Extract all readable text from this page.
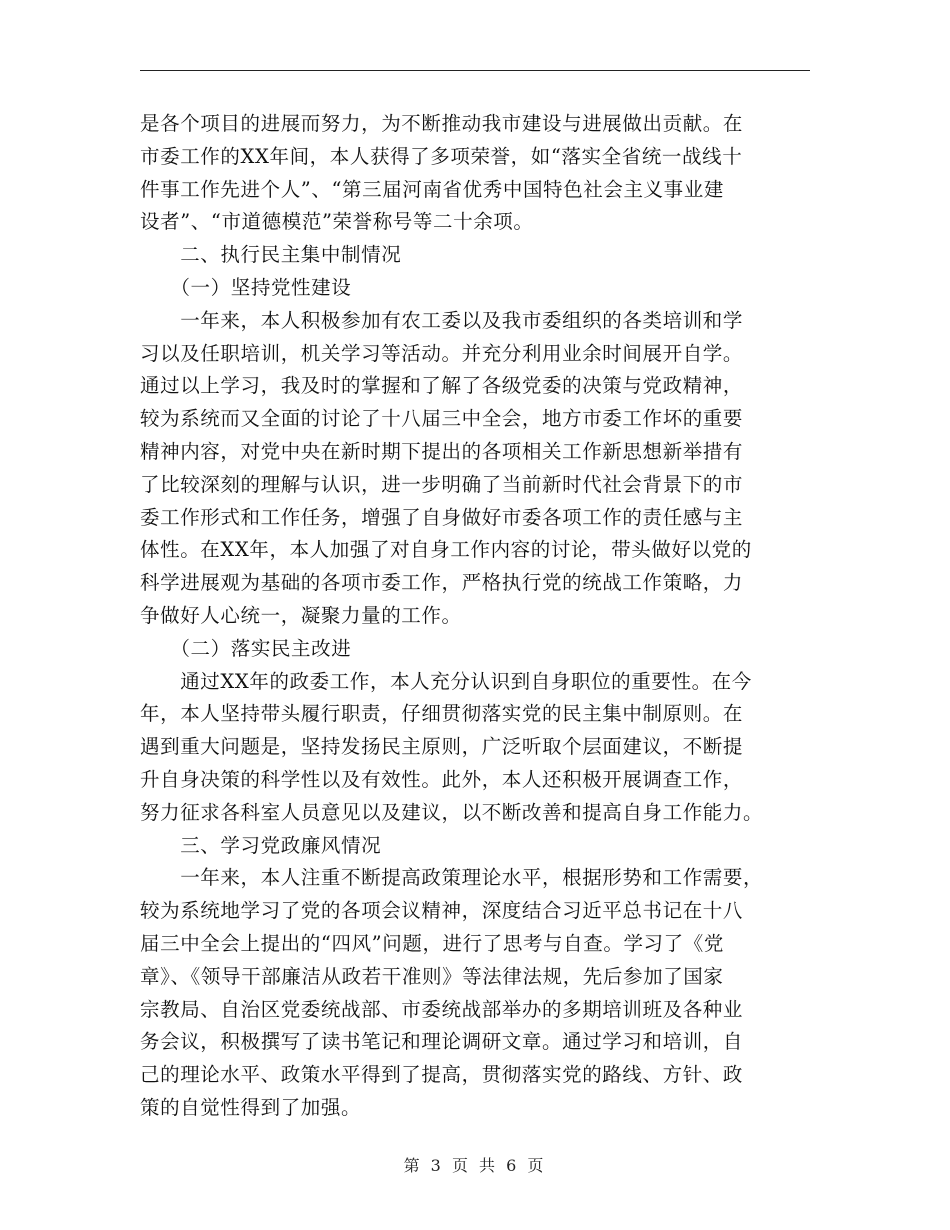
是各个项目的进展而努力，为不断推动我市建设与进展做出贡献。在
市委工作的XX年间，本人获得了多项荣誉，如“落实全省统一战线十
件事工作先进个人”、“第三届河南省优秀中国特色社会主义事业建
设者”、“市道德模范”荣誉称号等二十余项。
　　二、执行民主集中制情况
　　（一）坚持党性建设
　　一年来，本人积极参加有农工委以及我市委组织的各类培训和学
习以及任职培训，机关学习等活动。并充分利用业余时间展开自学。
通过以上学习，我及时的掌握和了解了各级党委的决策与党政精神，
较为系统而又全面的讨论了十八届三中全会，地方市委工作坏的重要
精神内容，对党中央在新时期下提出的各项相关工作新思想新举措有
了比较深刻的理解与认识，进一步明确了当前新时代社会背景下的市
委工作形式和工作任务，增强了自身做好市委各项工作的责任感与主
体性。在XX年，本人加强了对自身工作内容的讨论，带头做好以党的
科学进展观为基础的各项市委工作，严格执行党的统战工作策略，力
争做好人心统一，凝聚力量的工作。
　　（二）落实民主改进
　　通过XX年的政委工作，本人充分认识到自身职位的重要性。在今
年，本人坚持带头履行职责，仔细贯彻落实党的民主集中制原则。在
遇到重大问题是，坚持发扬民主原则，广泛听取个层面建议，不断提
升自身决策的科学性以及有效性。此外，本人还积极开展调查工作，
努力征求各科室人员意见以及建议，以不断改善和提高自身工作能力。
　　三、学习党政廉风情况
　　一年来，本人注重不断提高政策理论水平，根据形势和工作需要，
较为系统地学习了党的各项会议精神，深度结合习近平总书记在十八
届三中全会上提出的“四风”问题，进行了思考与自查。学习了《党
章》、《领导干部廉洁从政若干准则》等法律法规，先后参加了国家
宗教局、自治区党委统战部、市委统战部举办的多期培训班及各种业
务会议，积极撰写了读书笔记和理论调研文章。通过学习和培训，自
己的理论水平、政策水平得到了提高，贯彻落实党的路线、方针、政
策的自觉性得到了加强。
第 3 页 共 6 页
